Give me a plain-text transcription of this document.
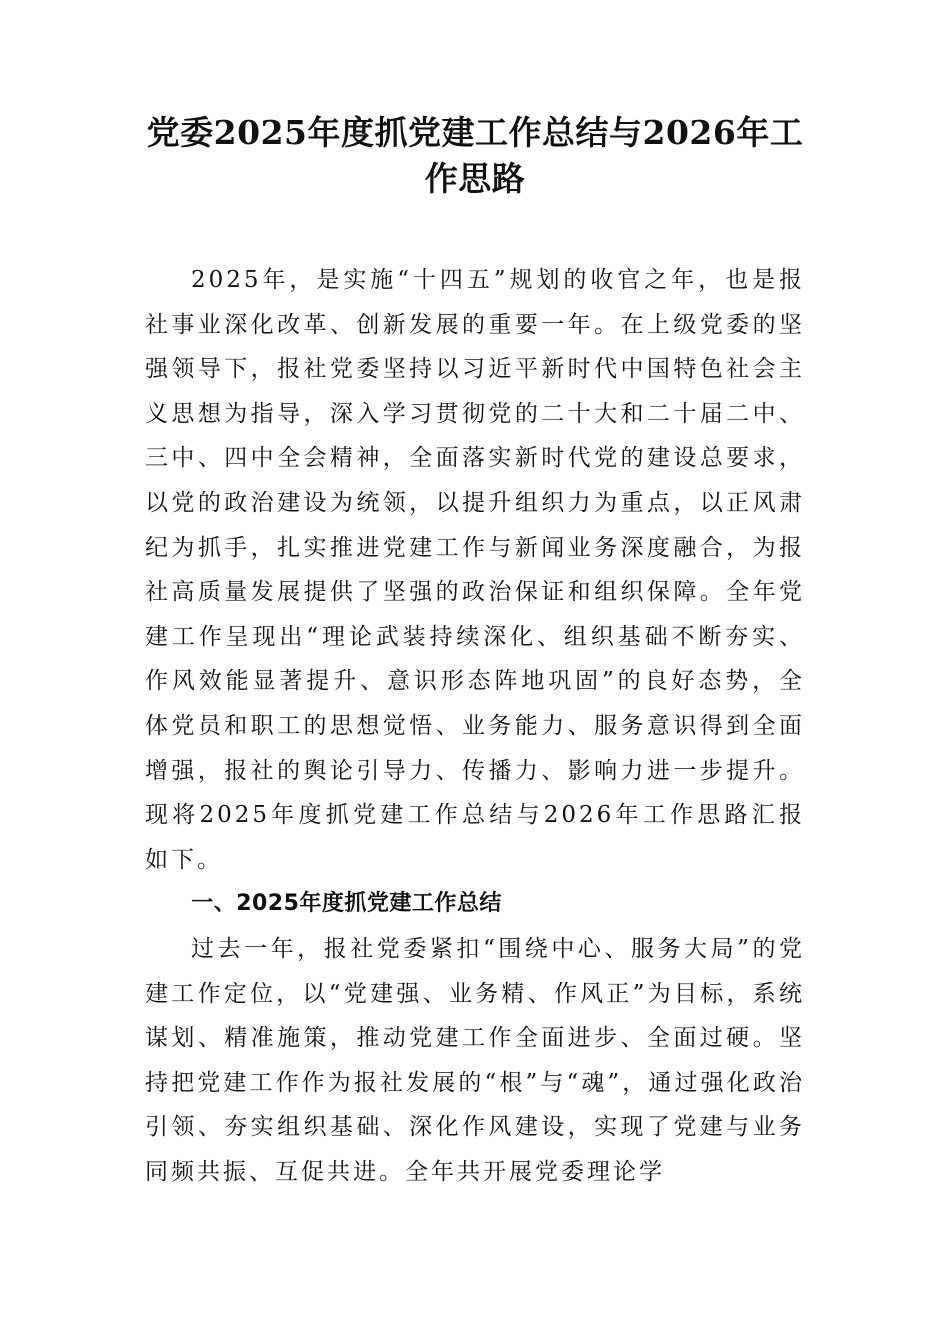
党委2025年度抓党建工作总结与2026年工作思路

2025年，是实施“十四五”规划的收官之年，也是报社事业深化改革、创新发展的重要一年。在上级党委的坚强领导下，报社党委坚持以习近平新时代中国特色社会主义思想为指导，深入学习贯彻党的二十大和二十届二中、三中、四中全会精神，全面落实新时代党的建设总要求，以党的政治建设为统领，以提升组织力为重点，以正风肃纪为抓手，扎实推进党建工作与新闻业务深度融合，为报社高质量发展提供了坚强的政治保证和组织保障。全年党建工作呈现出“理论武装持续深化、组织基础不断夯实、作风效能显著提升、意识形态阵地巩固”的良好态势，全体党员和职工的思想觉悟、业务能力、服务意识得到全面增强，报社的舆论引导力、传播力、影响力进一步提升。现将2025年度抓党建工作总结与2026年工作思路汇报如下。

一、2025年度抓党建工作总结

过去一年，报社党委紧扣“围绕中心、服务大局”的党建工作定位，以“党建强、业务精、作风正”为目标，系统谋划、精准施策，推动党建工作全面进步、全面过硬。坚持把党建工作作为报社发展的“根”与“魂”，通过强化政治引领、夯实组织基础、深化作风建设，实现了党建与业务同频共振、互促共进。全年共开展党委理论学
